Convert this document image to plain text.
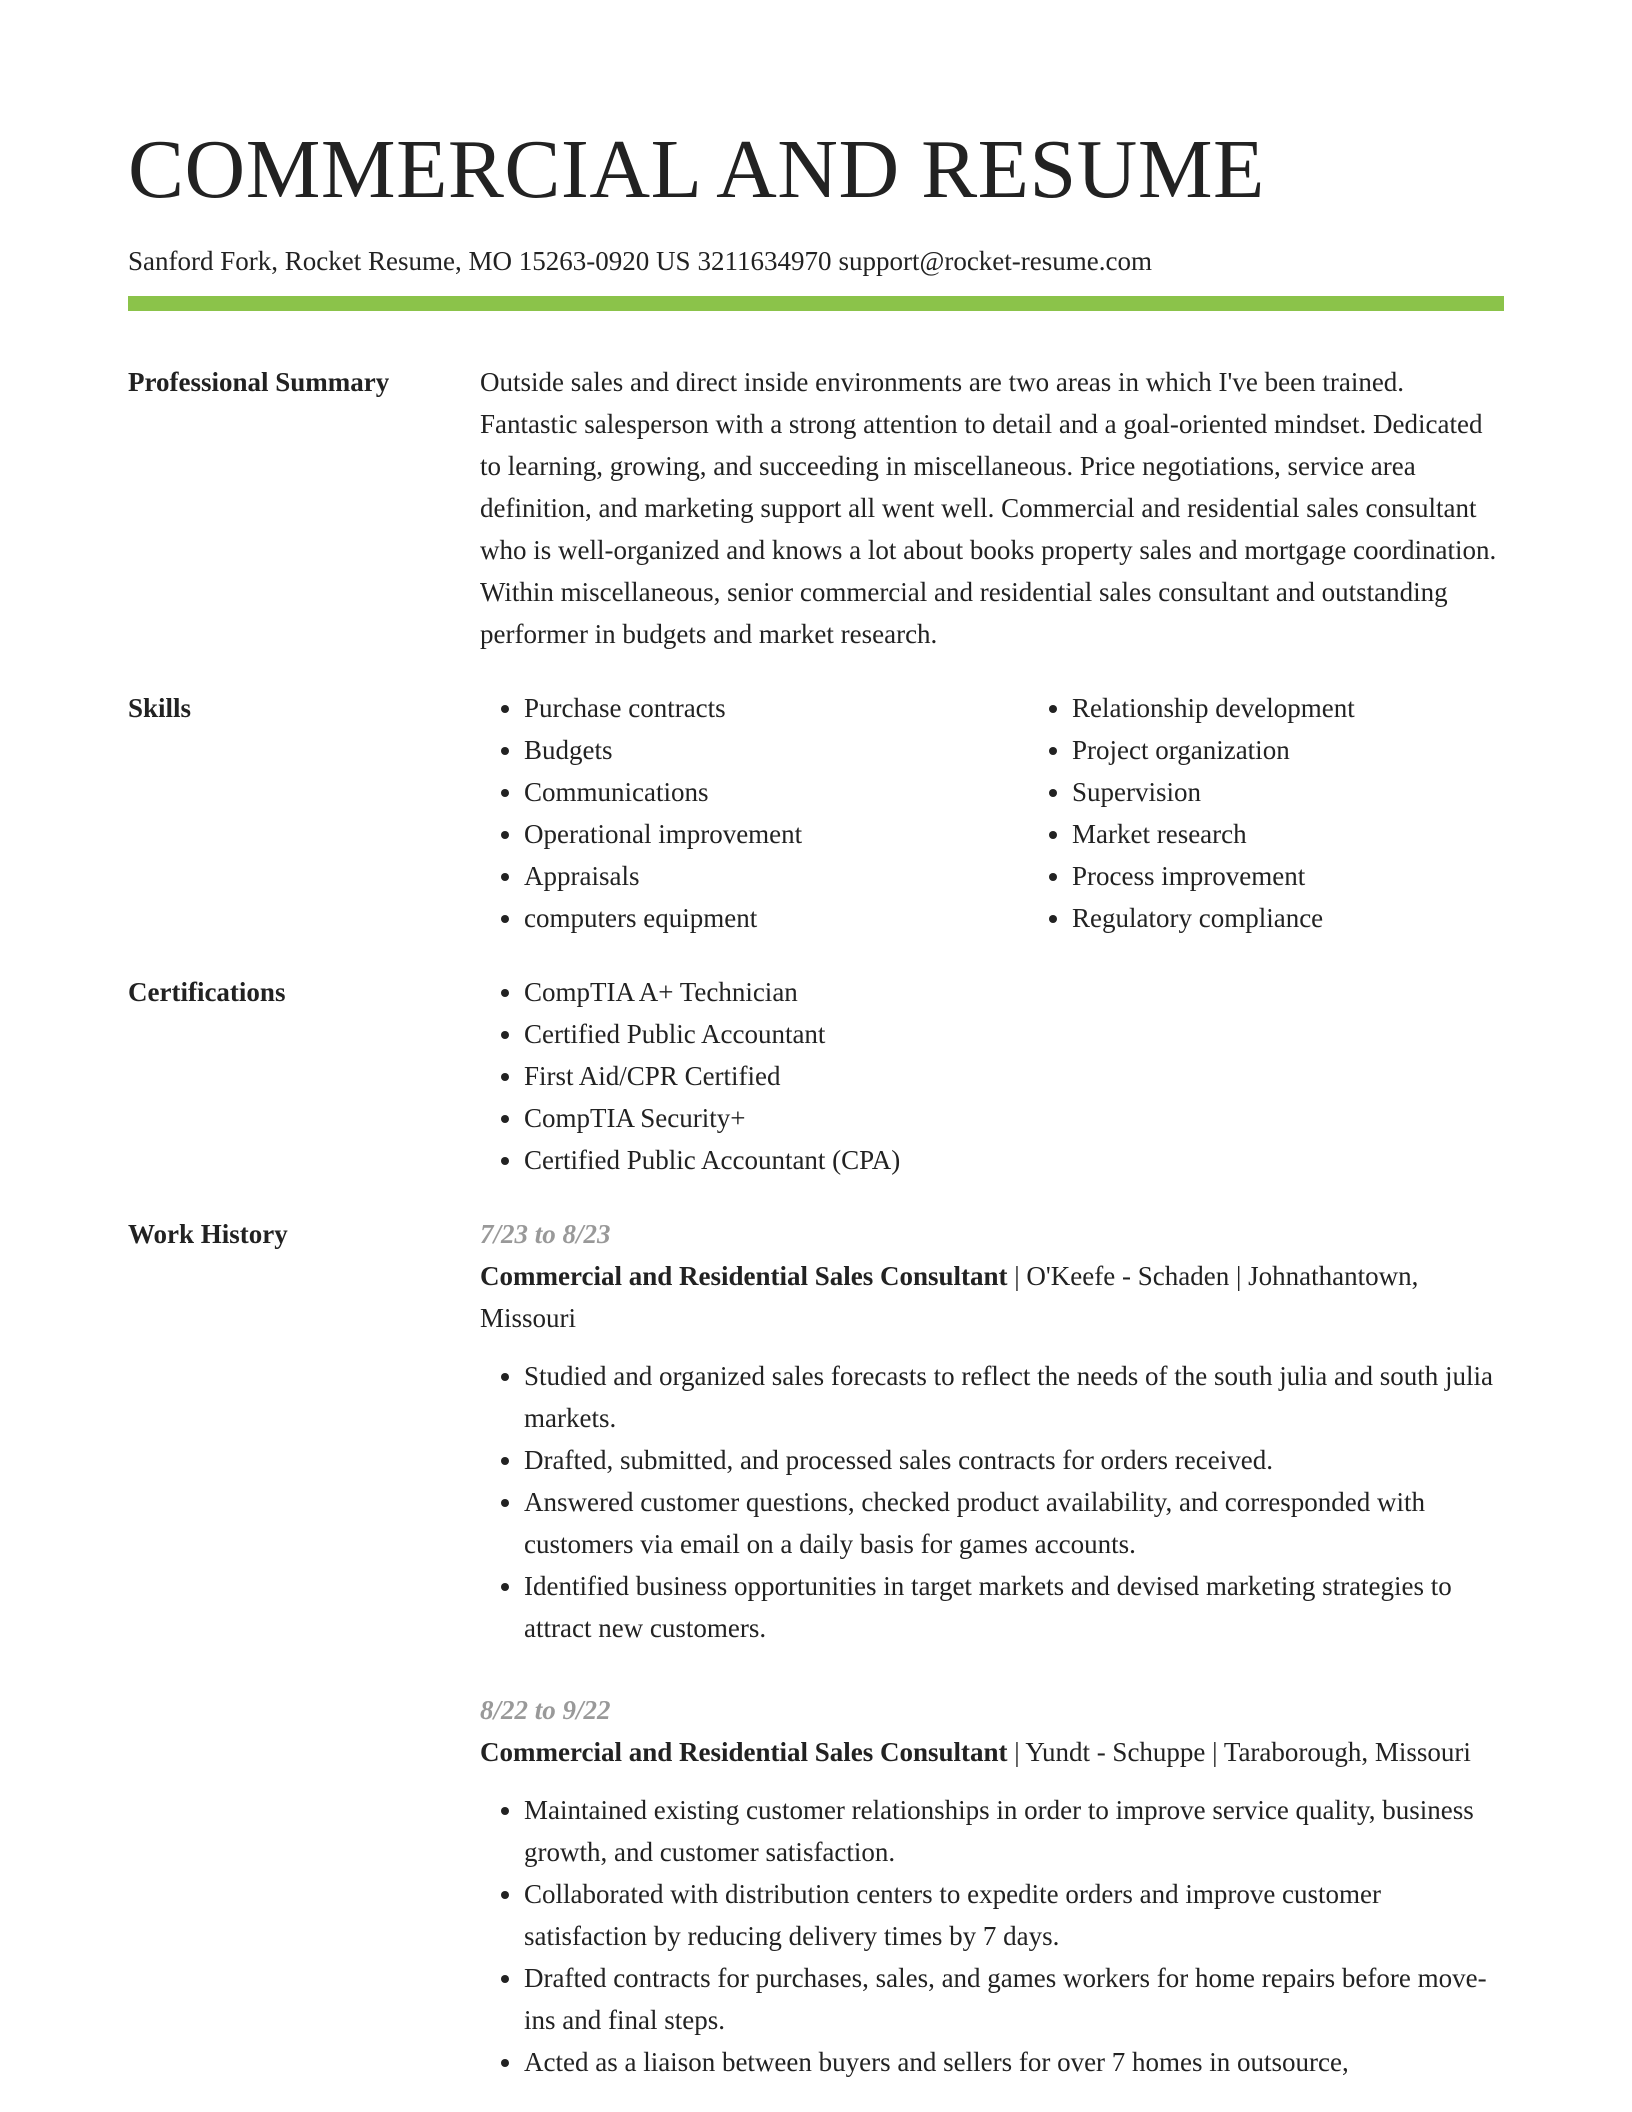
COMMERCIAL AND RESUME
Sanford Fork, Rocket Resume, MO 15263-0920 US 3211634970 support@rocket-resume.com
Professional Summary	Outside sales and direct inside environments are two areas in which I've been trained. Fantastic salesperson with a strong attention to detail and a goal-oriented mindset. Dedicated to learning, growing, and succeeding in miscellaneous. Price negotiations, service area definition, and marketing support all went well. Commercial and residential sales consultant who is well-organized and knows a lot about books property sales and mortgage coordination. Within miscellaneous, senior commercial and residential sales consultant and outstanding performer in budgets and market research.
Skills	• Purchase contracts
• Budgets
• Communications
• Operational improvement
• Appraisals
• computers equipment
• Relationship development
• Project organization
• Supervision
• Market research
• Process improvement
• Regulatory compliance
Certifications	• CompTIA A+ Technician
• Certified Public Accountant
• First Aid/CPR Certified
• CompTIA Security+
• Certified Public Accountant (CPA)
Work History	7/23 to 8/23
Commercial and Residential Sales Consultant | O'Keefe - Schaden | Johnathantown, Missouri
• Studied and organized sales forecasts to reflect the needs of the south julia and south julia markets.
• Drafted, submitted, and processed sales contracts for orders received.
• Answered customer questions, checked product availability, and corresponded with customers via email on a daily basis for games accounts.
• Identified business opportunities in target markets and devised marketing strategies to attract new customers.
8/22 to 9/22
Commercial and Residential Sales Consultant | Yundt - Schuppe | Taraborough, Missouri
• Maintained existing customer relationships in order to improve service quality, business growth, and customer satisfaction.
• Collaborated with distribution centers to expedite orders and improve customer satisfaction by reducing delivery times by 7 days.
• Drafted contracts for purchases, sales, and games workers for home repairs before move-ins and final steps.
• Acted as a liaison between buyers and sellers for over 7 homes in outsource,
